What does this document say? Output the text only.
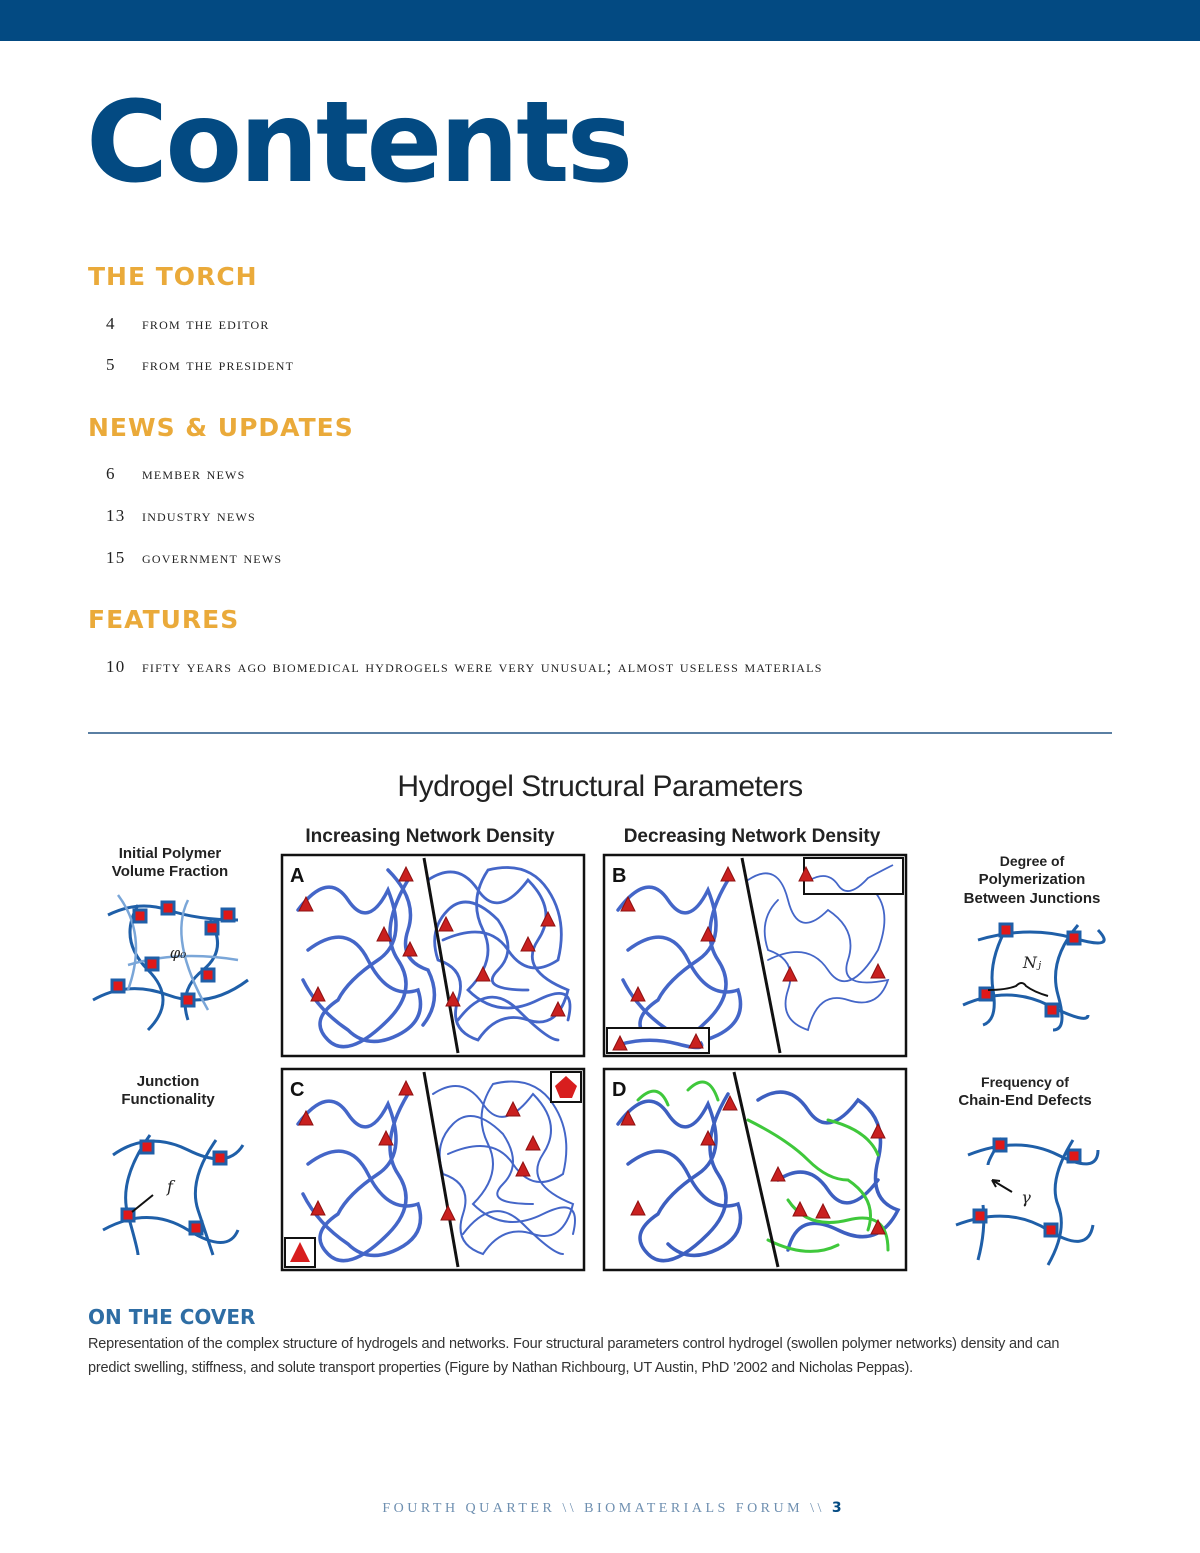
Contents
THE TORCH
4 from the editor
5 from the president
NEWS & UPDATES
6 member news
13 industry news
15 government news
FEATURES
10 fifty years ago biomedical hydrogels were very unusual; almost useless materials
Hydrogel Structural Parameters
Increasing Network Density	Decreasing Network Density
Initial Polymer
Volume Fraction
φ₀
Junction
Functionality
f
A	B
C	D
Degree of
Polymerization
Between Junctions
Nⱼ
Frequency of
Chain-End Defects
γ
ON THE COVER

Representation of the complex structure of hydrogels and networks. Four structural parameters control hydrogel (swollen polymer networks) density and can predict swelling, stiffness, and solute transport properties (Figure by Nathan Richbourg, UT Austin, PhD ’2002 and Nicholas Peppas).

FOURTH QUARTER \\ BIOMATERIALS FORUM \\ 3
